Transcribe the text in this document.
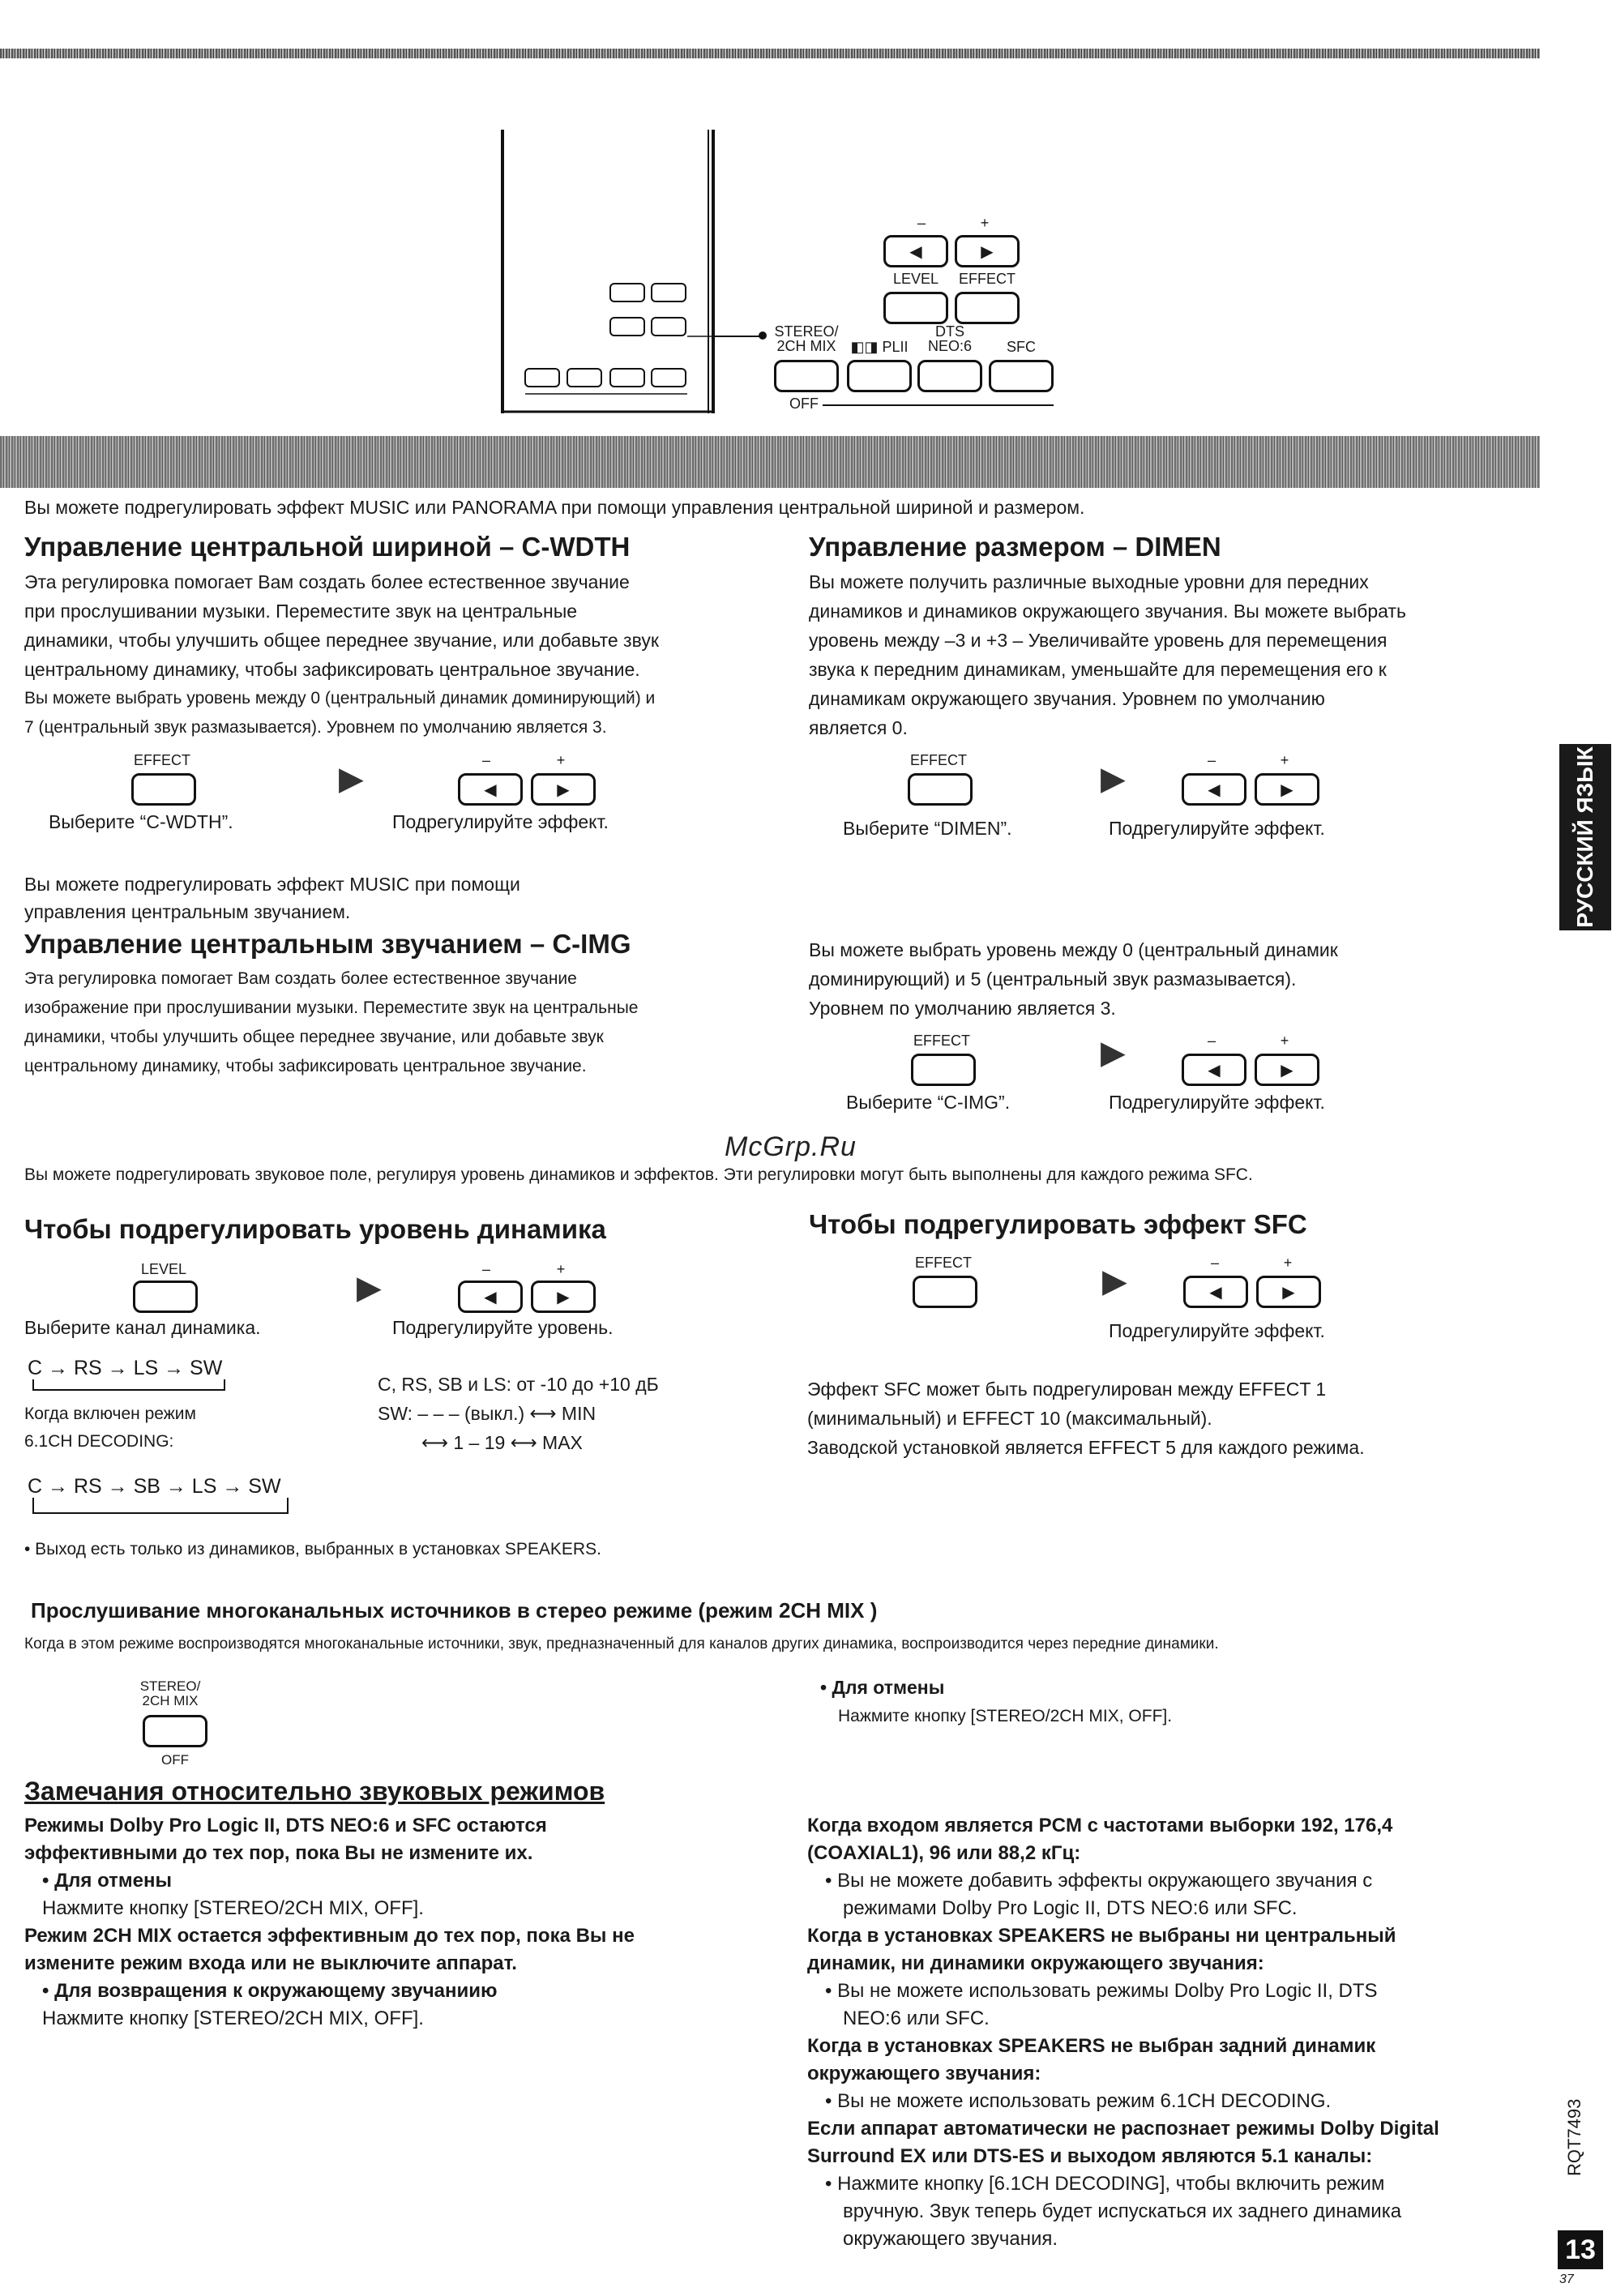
–	+
◀	▶
LEVEL	EFFECT
STEREO/
2CH MIX ◧◨ PLII
DTS
NEO:6	SFC
OFF
Вы можете подрегулировать эффект MUSIC или PANORAMA при помощи управления центральной шириной и размером.
Управление центральной шириной – C-WDTH
Эта регулировка помогает Вам создать более естественное звучание
при прослушивании музыки. Переместите звук на центральные
динамики, чтобы улучшить общее переднее звучание, или добавьте звук
центральному динамику, чтобы зафиксировать центральное звучание.
Вы можете выбрать уровень между 0 (центральный динамик доминирующий) и
7 (центральный звук размазывается). Уровнем по умолчанию является 3.
EFFECT
Выберите “C-WDTH”.
▶
–	+
◀	▶
Подрегулируйте эффект.
Управление размером – DIMEN
Вы можете получить различные выходные уровни для передних
динамиков и динамиков окружающего звучания. Вы можете выбрать
уровень между –3 и +3 – Увеличивайте уровень для перемещения
звука к передним динамикам, уменьшайте для перемещения его к
динамикам окружающего звучания. Уровнем по умолчанию
является 0.
EFFECT
Выберите “DIMEN”.
▶
–	+
◀	▶
Подрегулируйте эффект.
Вы можете подрегулировать эффект MUSIC при помощи
управления центральным звучанием.
Управление центральным звучанием – C-IMG
Эта регулировка помогает Вам создать более естественное звучание
изображение при прослушивании музыки. Переместите звук на центральные
динамики, чтобы улучшить общее переднее звучание, или добавьте звук
центральному динамику, чтобы зафиксировать центральное звучание.
Вы можете выбрать уровень между 0 (центральный динамик
доминирующий) и 5 (центральный звук размазывается).
Уровнем по умолчанию является 3.
EFFECT
Выберите “C-IMG”.
▶	–	+
◀	▶
Подрегулируйте эффект.
McGrp.Ru
Вы можете подрегулировать звуковое поле, регулируя уровень динамиков и эффектов. Эти регулировки могут быть выполнены для каждого режима SFC.
Чтобы подрегулировать уровень динамика
LEVEL
Выберите канал динамика.
▶
–	+
◀	▶
Подрегулируйте уровень.
C → RS → LS → SW
Когда включен режим
6.1CH DECODING:
C → RS → SB → LS → SW
C, RS, SB и LS: от -10 до +10 дБ
SW: – – – (выкл.) ⟷ MIN
⟷ 1 – 19 ⟷ MAX
Чтобы подрегулировать эффект SFC
EFFECT
▶
–	+
◀	▶
Подрегулируйте эффект.
Эффект SFC может быть подрегулирован между EFFECT 1
(минимальный) и EFFECT 10 (максимальный).
Заводской установкой является EFFECT 5 для каждого режима.
• Выход есть только из динамиков, выбранных в установках SPEAKERS.
Прослушивание многоканальных источников в стерео режиме (режим 2CH MIX )
Когда в этом режиме воспроизводятся многоканальные источники, звук, предназначенный для каналов других динамика, воспроизводится через передние динамики.
STEREO/
2CH MIX
OFF
• Для отмены
Нажмите кнопку [STEREO/2CH MIX, OFF].
Замечания относительно звуковых режимов
Режимы Dolby Pro Logic II, DTS NEO:6 и SFC остаются
эффективными до тех пор, пока Вы не измените их.
• Для отмены
Нажмите кнопку [STEREO/2CH MIX, OFF].
Режим 2CH MIX остается эффективным до тех пор, пока Вы не
измените режим входа или не выключите аппарат.
• Для возвращения к окружающему звучаниию
Нажмите кнопку [STEREO/2CH MIX, OFF].
Когда входом является PCM с частотами выборки 192, 176,4
(COAXIAL1), 96 или 88,2 кГц:
• Вы не можете добавить эффекты окружающего звучания с
режимами Dolby Pro Logic II, DTS NEO:6 или SFC.
Когда в установках SPEAKERS не выбраны ни центральный
динамик, ни динамики окружающего звучания:
• Вы не можете использовать режимы Dolby Pro Logic II, DTS
NEO:6 или SFC.
Когда в установках SPEAKERS не выбран задний динамик
окружающего звучания:
• Вы не можете использовать режим 6.1CH DECODING.
Если аппарат автоматически не распознает режимы Dolby Digital
Surround EX или DTS-ES и выходом являются 5.1 каналы:
• Нажмите кнопку [6.1CH DECODING], чтобы включить режим
вручную. Звук теперь будет испускаться их заднего динамика
окружающего звучания.
РУССКИЙ ЯЗЫК
RQT7493
13
37
